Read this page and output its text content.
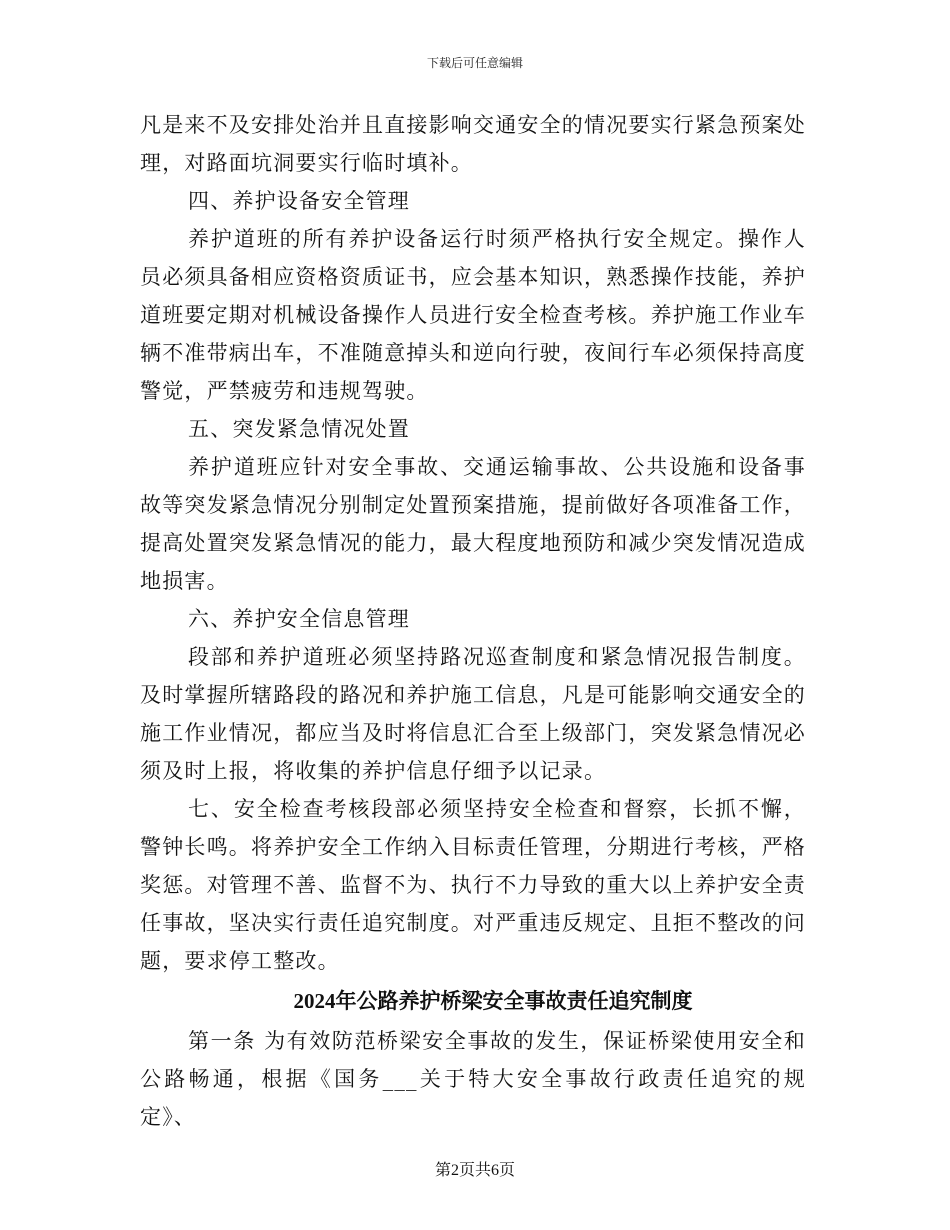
下载后可任意编辑

凡是来不及安排处治并且直接影响交通安全的情况要实行紧急预案处理，对路面坑洞要实行临时填补。

四、养护设备安全管理

养护道班的所有养护设备运行时须严格执行安全规定。操作人员必须具备相应资格资质证书，应会基本知识，熟悉操作技能，养护道班要定期对机械设备操作人员进行安全检查考核。养护施工作业车辆不准带病出车，不准随意掉头和逆向行驶，夜间行车必须保持高度警觉，严禁疲劳和违规驾驶。

五、突发紧急情况处置

养护道班应针对安全事故、交通运输事故、公共设施和设备事故等突发紧急情况分别制定处置预案措施，提前做好各项准备工作，提高处置突发紧急情况的能力，最大程度地预防和减少突发情况造成地损害。

六、养护安全信息管理

段部和养护道班必须坚持路况巡查制度和紧急情况报告制度。及时掌握所辖路段的路况和养护施工信息，凡是可能影响交通安全的施工作业情况，都应当及时将信息汇合至上级部门，突发紧急情况必须及时上报，将收集的养护信息仔细予以记录。

七、安全检查考核段部必须坚持安全检查和督察，长抓不懈，警钟长鸣。将养护安全工作纳入目标责任管理，分期进行考核，严格奖惩。对管理不善、监督不为、执行不力导致的重大以上养护安全责任事故，坚决实行责任追究制度。对严重违反规定、且拒不整改的问题，要求停工整改。

2024年公路养护桥梁安全事故责任追究制度

第一条 为有效防范桥梁安全事故的发生，保证桥梁使用安全和公路畅通，根据《国务___关于特大安全事故行政责任追究的规定》、

第2页共6页
